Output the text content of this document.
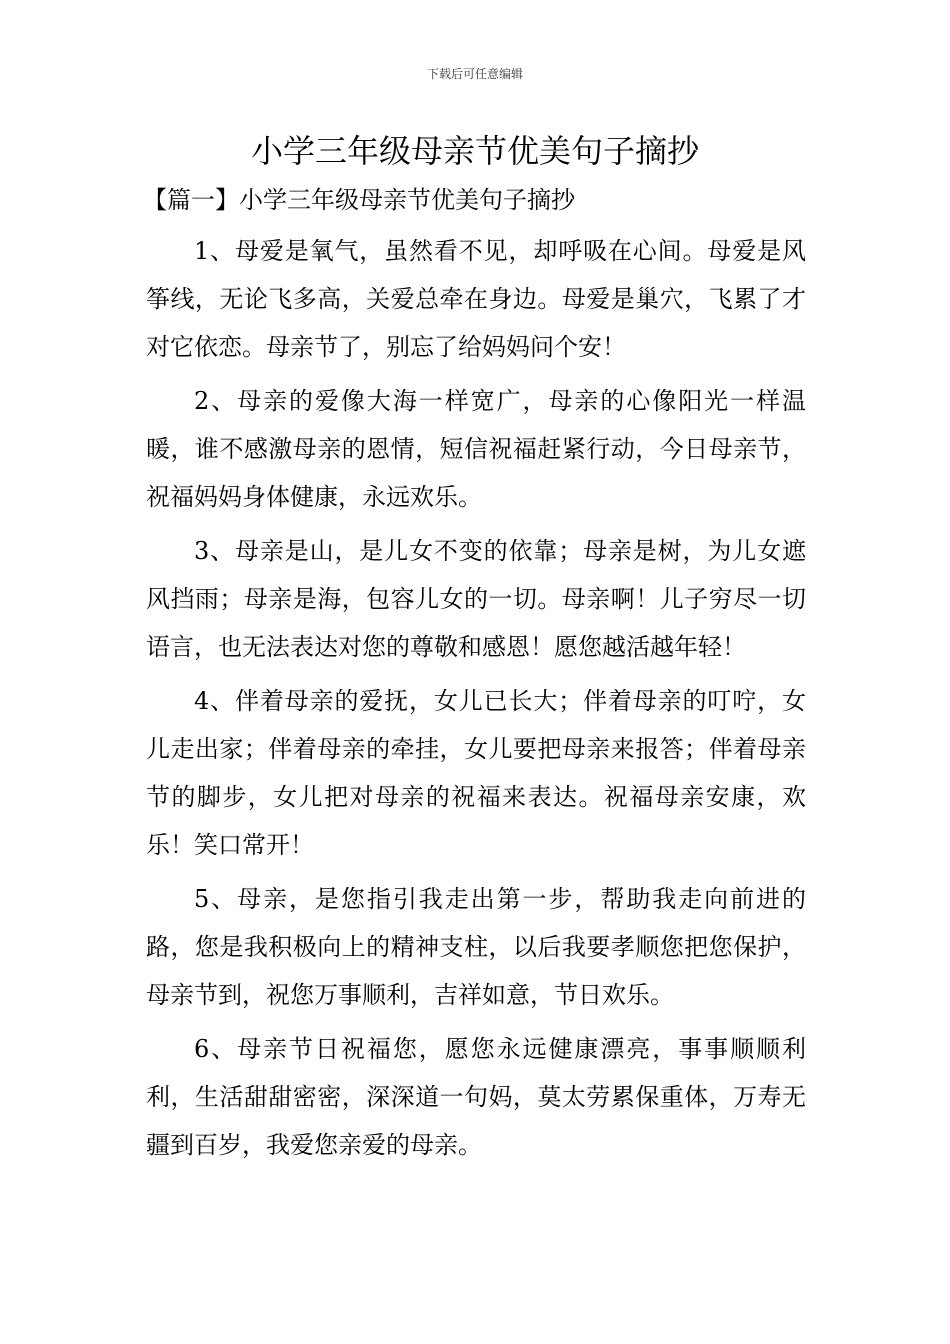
下载后可任意编辑
小学三年级母亲节优美句子摘抄
【篇一】小学三年级母亲节优美句子摘抄

1、母爱是氧气，虽然看不见，却呼吸在心间。母爱是风筝线，无论飞多高，关爱总牵在身边。母爱是巢穴，飞累了才对它依恋。母亲节了，别忘了给妈妈问个安！

2、母亲的爱像大海一样宽广，母亲的心像阳光一样温暖，谁不感激母亲的恩情，短信祝福赶紧行动，今日母亲节，祝福妈妈身体健康，永远欢乐。

3、母亲是山，是儿女不变的依靠；母亲是树，为儿女遮风挡雨；母亲是海，包容儿女的一切。母亲啊！儿子穷尽一切语言，也无法表达对您的尊敬和感恩！愿您越活越年轻！

4、伴着母亲的爱抚，女儿已长大；伴着母亲的叮咛，女儿走出家；伴着母亲的牵挂，女儿要把母亲来报答；伴着母亲节的脚步，女儿把对母亲的祝福来表达。祝福母亲安康，欢乐！笑口常开！

5、母亲，是您指引我走出第一步，帮助我走向前进的路，您是我积极向上的精神支柱，以后我要孝顺您把您保护，母亲节到，祝您万事顺利，吉祥如意，节日欢乐。

6、母亲节日祝福您，愿您永远健康漂亮，事事顺顺利利，生活甜甜密密，深深道一句妈，莫太劳累保重体，万寿无疆到百岁，我爱您亲爱的母亲。
